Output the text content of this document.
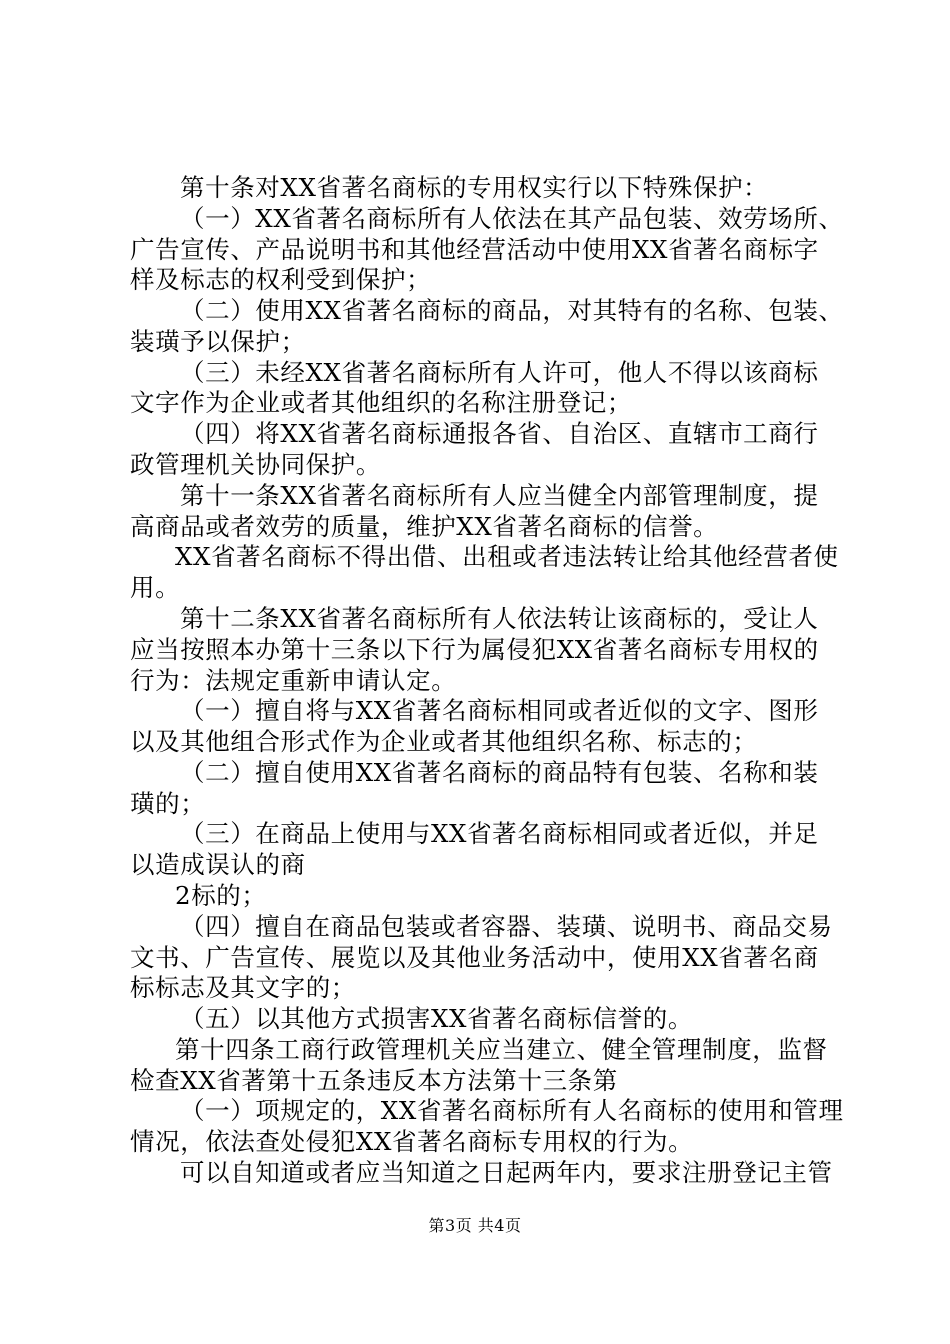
第十条对XX省著名商标的专用权实行以下特殊保护：
（一）XX省著名商标所有人依法在其产品包装、效劳场所、
广告宣传、产品说明书和其他经营活动中使用XX省著名商标字
样及标志的权利受到保护；
（二）使用XX省著名商标的商品，对其特有的名称、包装、
装璜予以保护；
（三）未经XX省著名商标所有人许可，他人不得以该商标
文字作为企业或者其他组织的名称注册登记；
（四）将XX省著名商标通报各省、自治区、直辖市工商行
政管理机关协同保护。
第十一条XX省著名商标所有人应当健全内部管理制度，提
高商品或者效劳的质量，维护XX省著名商标的信誉。
XX省著名商标不得出借、出租或者违法转让给其他经营者使
用。
第十二条XX省著名商标所有人依法转让该商标的，受让人
应当按照本办第十三条以下行为属侵犯XX省著名商标专用权的
行为：法规定重新申请认定。
（一）擅自将与XX省著名商标相同或者近似的文字、图形
以及其他组合形式作为企业或者其他组织名称、标志的；
（二）擅自使用XX省著名商标的商品特有包装、名称和装
璜的；
（三）在商品上使用与XX省著名商标相同或者近似，并足
以造成误认的商
2标的；
（四）擅自在商品包装或者容器、装璜、说明书、商品交易
文书、广告宣传、展览以及其他业务活动中，使用XX省著名商
标标志及其文字的；
（五）以其他方式损害XX省著名商标信誉的。
第十四条工商行政管理机关应当建立、健全管理制度，监督
检查XX省著第十五条违反本方法第十三条第
（一）项规定的，XX省著名商标所有人名商标的使用和管理
情况，依法查处侵犯XX省著名商标专用权的行为。
可以自知道或者应当知道之日起两年内，要求注册登记主管
第3页 共4页
